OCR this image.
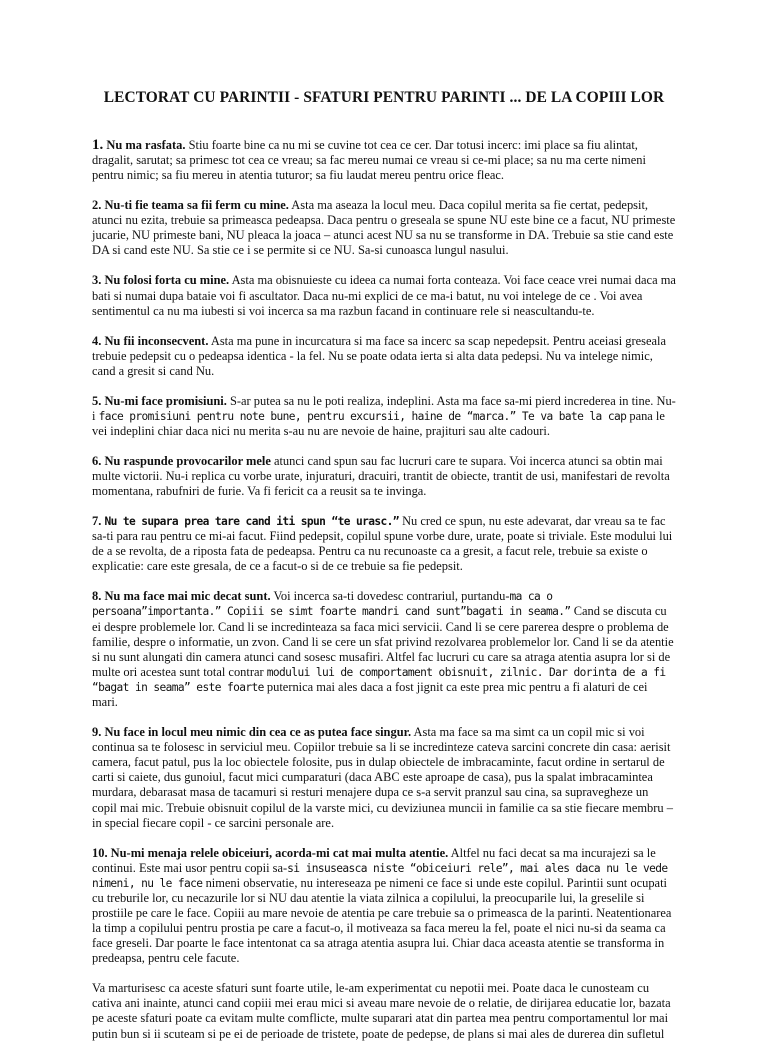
LECTORAT CU PARINTII - SFATURI PENTRU PARINTI ... DE LA COPIII LOR

1. Nu ma rasfata. Stiu foarte bine ca nu mi se cuvine tot cea ce cer. Dar totusi incerc: imi place sa fiu alintat, dragalit, sarutat; sa primesc tot cea ce vreau; sa fac mereu numai ce vreau si ce-mi place; sa nu ma certe nimeni pentru nimic; sa fiu mereu in atentia tuturor; sa fiu laudat mereu pentru orice fleac.

2. Nu-ti fie teama sa fii ferm cu mine. Asta ma aseaza la locul meu. Daca copilul merita sa fie certat, pedepsit, atunci nu ezita, trebuie sa primeasca pedeapsa. Daca pentru o greseala se spune NU este bine ce a facut, NU primeste jucarie, NU primeste bani, NU pleaca la joaca – atunci acest NU sa nu se transforme in DA. Trebuie sa stie cand este DA si cand este NU. Sa stie ce i se permite si ce NU. Sa-si cunoasca lungul nasului.

3. Nu folosi forta cu mine. Asta ma obisnuieste cu ideea ca numai forta conteaza. Voi face ceace vrei numai daca ma bati si numai dupa bataie voi fi ascultator. Daca nu-mi explici de ce ma-i batut, nu voi intelege de ce . Voi avea sentimentul ca nu ma iubesti si voi incerca sa ma razbun facand in continuare rele si neascultandu-te.

4. Nu fii inconsecvent. Asta ma pune in incurcatura si ma face sa incerc sa scap nepedepsit. Pentru aceiasi greseala trebuie pedepsit cu o pedeapsa identica - la fel. Nu se poate odata ierta si alta data pedepsi. Nu va intelege nimic, cand a gresit si cand Nu.

5. Nu-mi face promisiuni. S-ar putea sa nu le poti realiza, indeplini. Asta ma face sa-mi pierd increderea in tine. Nu-i face promisiuni pentru note bune, pentru excursii, haine de “marca.” Te va bate la cap pana le vei indeplini chiar daca nici nu merita s-au nu are nevoie de haine, prajituri sau alte cadouri.

6. Nu raspunde provocarilor mele atunci cand spun sau fac lucruri care te supara. Voi incerca atunci sa obtin mai multe victorii. Nu-i replica cu vorbe urate, injuraturi, dracuiri, trantit de obiecte, trantit de usi, manifestari de revolta momentana, rabufniri de furie. Va fi fericit ca a reusit sa te invinga.

7. Nu te supara prea tare cand iti spun “te urasc.” Nu cred ce spun, nu este adevarat, dar vreau sa te fac sa-ti para rau pentru ce mi-ai facut. Fiind pedepsit, copilul spune vorbe dure, urate, poate si triviale. Este modului lui de a se revolta, de a riposta fata de pedeapsa. Pentru ca nu recunoaste ca a gresit, a facut rele, trebuie sa existe o explicatie: care este gresala, de ce a facut-o si de ce trebuie sa fie pedepsit.

8. Nu ma face mai mic decat sunt. Voi incerca sa-ti dovedesc contrariul, purtandu-ma ca o persoana”importanta.” Copiii se simt foarte mandri cand sunt”bagati in seama.” Cand se discuta cu ei despre problemele lor. Cand li se incredinteaza sa faca mici servicii. Cand li se cere parerea despre o problema de familie, despre o informatie, un zvon. Cand li se cere un sfat privind rezolvarea problemelor lor. Cand li se da atentie si nu sunt alungati din camera atunci cand sosesc musafiri. Altfel fac lucruri cu care sa atraga atentia asupra lor si de multe ori acestea sunt total contrar modului lui de comportament obisnuit, zilnic. Dar dorinta de a fi “bagat in seama” este foarte puternica mai ales daca a fost jignit ca este prea mic pentru a fi alaturi de cei mari.

9. Nu face in locul meu nimic din cea ce as putea face singur. Asta ma face sa ma simt ca un copil mic si voi continua sa te folosesc in serviciul meu. Copiilor trebuie sa li se incredinteze cateva sarcini concrete din casa: aerisit camera, facut patul, pus la loc obiectele folosite, pus in dulap obiectele de imbracaminte, facut ordine in sertarul de carti si caiete, dus gunoiul, facut mici cumparaturi (daca ABC este aproape de casa), pus la spalat imbracamintea murdara, debarasat masa de tacamuri si resturi menajere dupa ce s-a servit pranzul sau cina, sa supravegheze un copil mai mic. Trebuie obisnuit copilul de la varste mici, cu deviziunea muncii in familie ca sa stie fiecare membru – in special fiecare copil - ce sarcini personale are.

10. Nu-mi menaja relele obiceiuri, acorda-mi cat mai multa atentie. Altfel nu faci decat sa ma incurajezi sa le continui. Este mai usor pentru copii sa-si insuseasca niste “obiceiuri rele”, mai ales daca nu le vede nimeni, nu le face nimeni observatie, nu intereseaza pe nimeni ce face si unde este copilul. Parintii sunt ocupati cu treburile lor, cu necazurile lor si NU dau atentie la viata zilnica a copilului, la preocuparile lui, la greselile si prostiile pe care le face. Copiii au mare nevoie de atentia pe care trebuie sa o primeasca de la parinti. Neatentionarea la timp a copilului pentru prostia pe care a facut-o, il motiveaza sa faca mereu la fel, poate el nici nu-si da seama ca face greseli. Dar poarte le face intentonat ca sa atraga atentia asupra lui. Chiar daca aceasta atentie se transforma in predeapsa, pentru cele facute.

Va marturisesc ca aceste sfaturi sunt foarte utile, le-am experimentat cu nepotii mei. Poate daca le cunosteam cu cativa ani inainte, atunci cand copiii mei erau mici si aveau mare nevoie de o relatie, de dirijarea educatie lor, bazata pe aceste sfaturi poate ca evitam multe comflicte, multe suparari atat din partea mea pentru comportamentul lor mai putin bun si ii scuteam si pe ei de perioade de tristete, poate de pedepse, de plans si mai ales de durerea din sufletul
